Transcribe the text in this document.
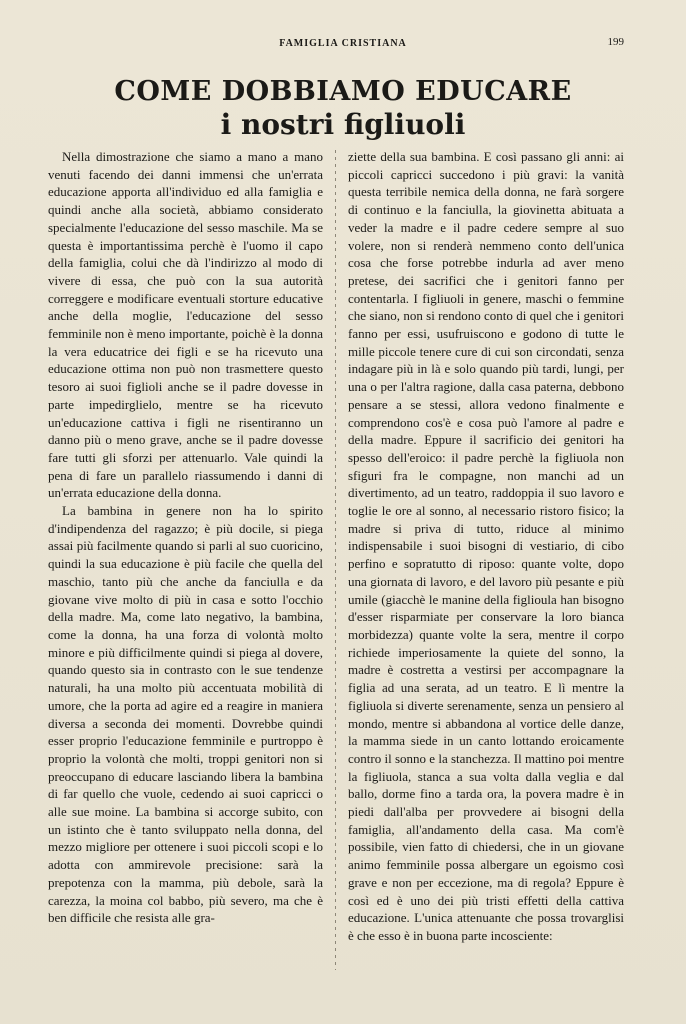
FAMIGLIA CRISTIANA	199
COME DOBBIAMO EDUCARE
i nostri figliuoli

Nella dimostrazione che siamo a mano a mano venuti facendo dei danni immensi che un'errata educazione apporta all'individuo ed alla famiglia e quindi anche alla società, abbiamo considerato specialmente l'educazione del sesso maschile. Ma se questa è importantissima perchè è l'uomo il capo della famiglia, colui che dà l'indirizzo al modo di vivere di essa, che può con la sua autorità correggere e modificare eventuali storture educative anche della moglie, l'educazione del sesso femminile non è meno importante, poichè è la donna la vera educatrice dei figli e se ha ricevuto una educazione ottima non può non trasmettere questo tesoro ai suoi figlioli anche se il padre dovesse in parte impedirglielo, mentre se ha ricevuto un'educazione cattiva i figli ne risentiranno un danno più o meno grave, anche se il padre dovesse fare tutti gli sforzi per attenuarlo. Vale quindi la pena di fare un parallelo riassumendo i danni di un'errata educazione della donna.

La bambina in genere non ha lo spirito d'indipendenza del ragazzo; è più docile, si piega assai più facilmente quando si parli al suo cuoricino, quindi la sua educazione è più facile che quella del maschio, tanto più che anche da fanciulla e da giovane vive molto di più in casa e sotto l'occhio della madre. Ma, come lato negativo, la bambina, come la donna, ha una forza di volontà molto minore e più difficilmente quindi si piega al dovere, quando questo sia in contrasto con le sue tendenze naturali, ha una molto più accentuata mobilità di umore, che la porta ad agire ed a reagire in maniera diversa a seconda dei momenti. Dovrebbe quindi esser proprio l'educazione femminile e purtroppo è proprio la volontà che molti, troppi genitori non si preoccupano di educare lasciando libera la bambina di far quello che vuole, cedendo ai suoi capricci o alle sue moine. La bambina si accorge subito, con un istinto che è tanto sviluppato nella donna, del mezzo migliore per ottenere i suoi piccoli scopi e lo adotta con ammirevole precisione: sarà la prepotenza con la mamma, più debole, sarà la carezza, la moina col babbo, più severo, ma che è ben difficile che resista alle gra-

ziette della sua bambina. E così passano gli anni: ai piccoli capricci succedono i più gravi: la vanità questa terribile nemica della donna, ne farà sorgere di continuo e la fanciulla, la giovinetta abituata a veder la madre e il padre cedere sempre al suo volere, non si renderà nemmeno conto dell'unica cosa che forse potrebbe indurla ad aver meno pretese, dei sacrifici che i genitori fanno per contentarla. I figliuoli in genere, maschi o femmine che siano, non si rendono conto di quel che i genitori fanno per essi, usufruiscono e godono di tutte le mille piccole tenere cure di cui son circondati, senza indagare più in là e solo quando più tardi, lungi, per una o per l'altra ragione, dalla casa paterna, debbono pensare a se stessi, allora vedono finalmente e comprendono cos'è e cosa può l'amore al padre e della madre. Eppure il sacrificio dei genitori ha spesso dell'eroico: il padre perchè la figliuola non sfiguri fra le compagne, non manchi ad un divertimento, ad un teatro, raddoppia il suo lavoro e toglie le ore al sonno, al necessario ristoro fisico; la madre si priva di tutto, riduce al minimo indispensabile i suoi bisogni di vestiario, di cibo perfino e sopratutto di riposo: quante volte, dopo una giornata di lavoro, e del lavoro più pesante e più umile (giacchè le manine della figlioula han bisogno d'esser risparmiate per conservare la loro bianca morbidezza) quante volte la sera, mentre il corpo richiede imperiosamente la quiete del sonno, la madre è costretta a vestirsi per accompagnare la figlia ad una serata, ad un teatro. E lì mentre la figliuola si diverte serenamente, senza un pensiero al mondo, mentre si abbandona al vortice delle danze, la mamma siede in un canto lottando eroicamente contro il sonno e la stanchezza. Il mattino poi mentre la figliuola, stanca a sua volta dalla veglia e dal ballo, dorme fino a tarda ora, la povera madre è in piedi dall'alba per provvedere ai bisogni della famiglia, all'andamento della casa. Ma com'è possibile, vien fatto di chiedersi, che in un giovane animo femminile possa albergare un egoismo così grave e non per eccezione, ma di regola? Eppure è così ed è uno dei più tristi effetti della cattiva educazione. L'unica attenuante che possa trovarglisi è che esso è in buona parte incosciente:
